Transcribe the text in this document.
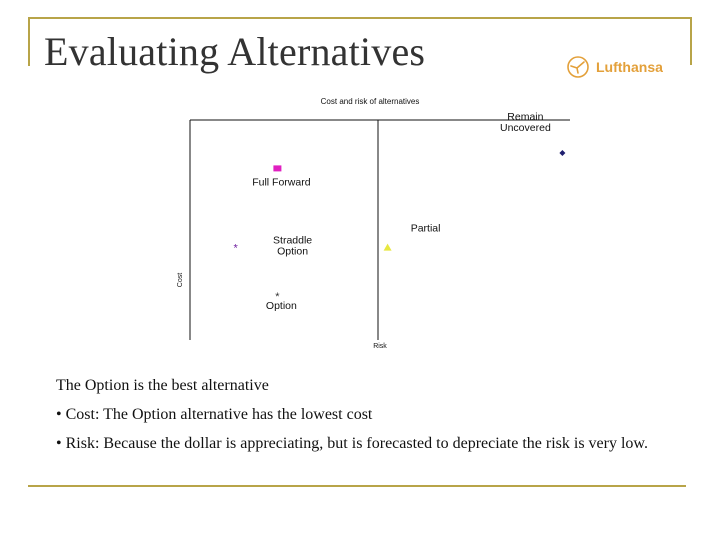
Evaluating Alternatives	Lufthansa
Cost and risk of alternatives
Cost
Risk
Remain
Uncovered
Full Forward
Partial
*
Straddle
Option
*
Option

The Option is the best alternative

• Cost: The Option alternative has the lowest cost

• Risk: Because the dollar is appreciating, but is forecasted to depreciate the risk is very low.
